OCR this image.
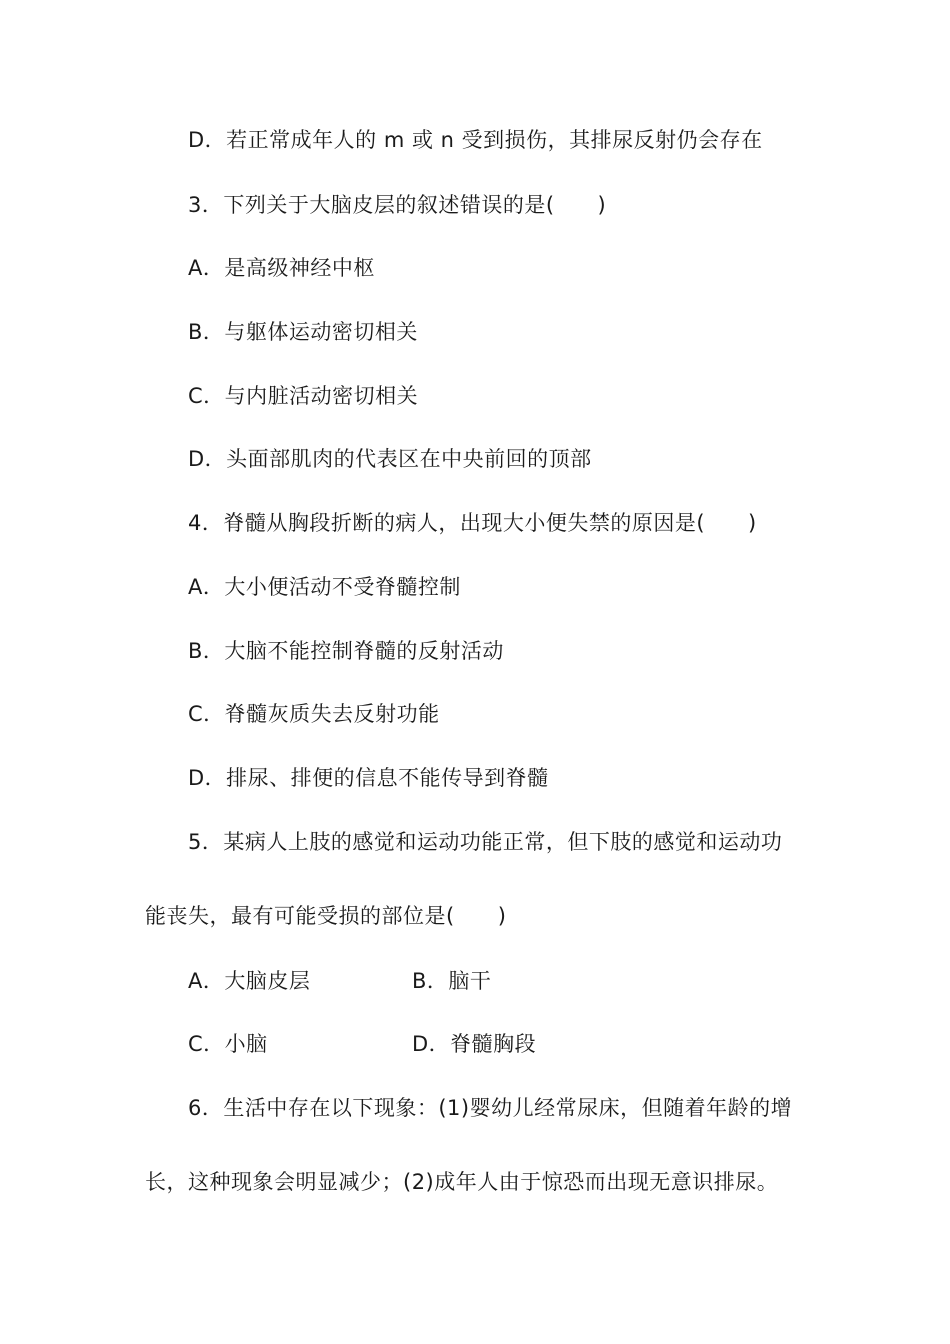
D．若正常成年人的 m 或 n 受到损伤，其排尿反射仍会存在
3．下列关于大脑皮层的叙述错误的是(　　)
A．是高级神经中枢
B．与躯体运动密切相关
C．与内脏活动密切相关
D．头面部肌肉的代表区在中央前回的顶部
4．脊髓从胸段折断的病人，出现大小便失禁的原因是(　　)
A．大小便活动不受脊髓控制
B．大脑不能控制脊髓的反射活动
C．脊髓灰质失去反射功能
D．排尿、排便的信息不能传导到脊髓
5．某病人上肢的感觉和运动功能正常，但下肢的感觉和运动功
能丧失，最有可能受损的部位是(　　)
A．大脑皮层	B．脑干
C．小脑	D．脊髓胸段
6．生活中存在以下现象：(1)婴幼儿经常尿床，但随着年龄的增
长，这种现象会明显减少；(2)成年人由于惊恐而出现无意识排尿。
